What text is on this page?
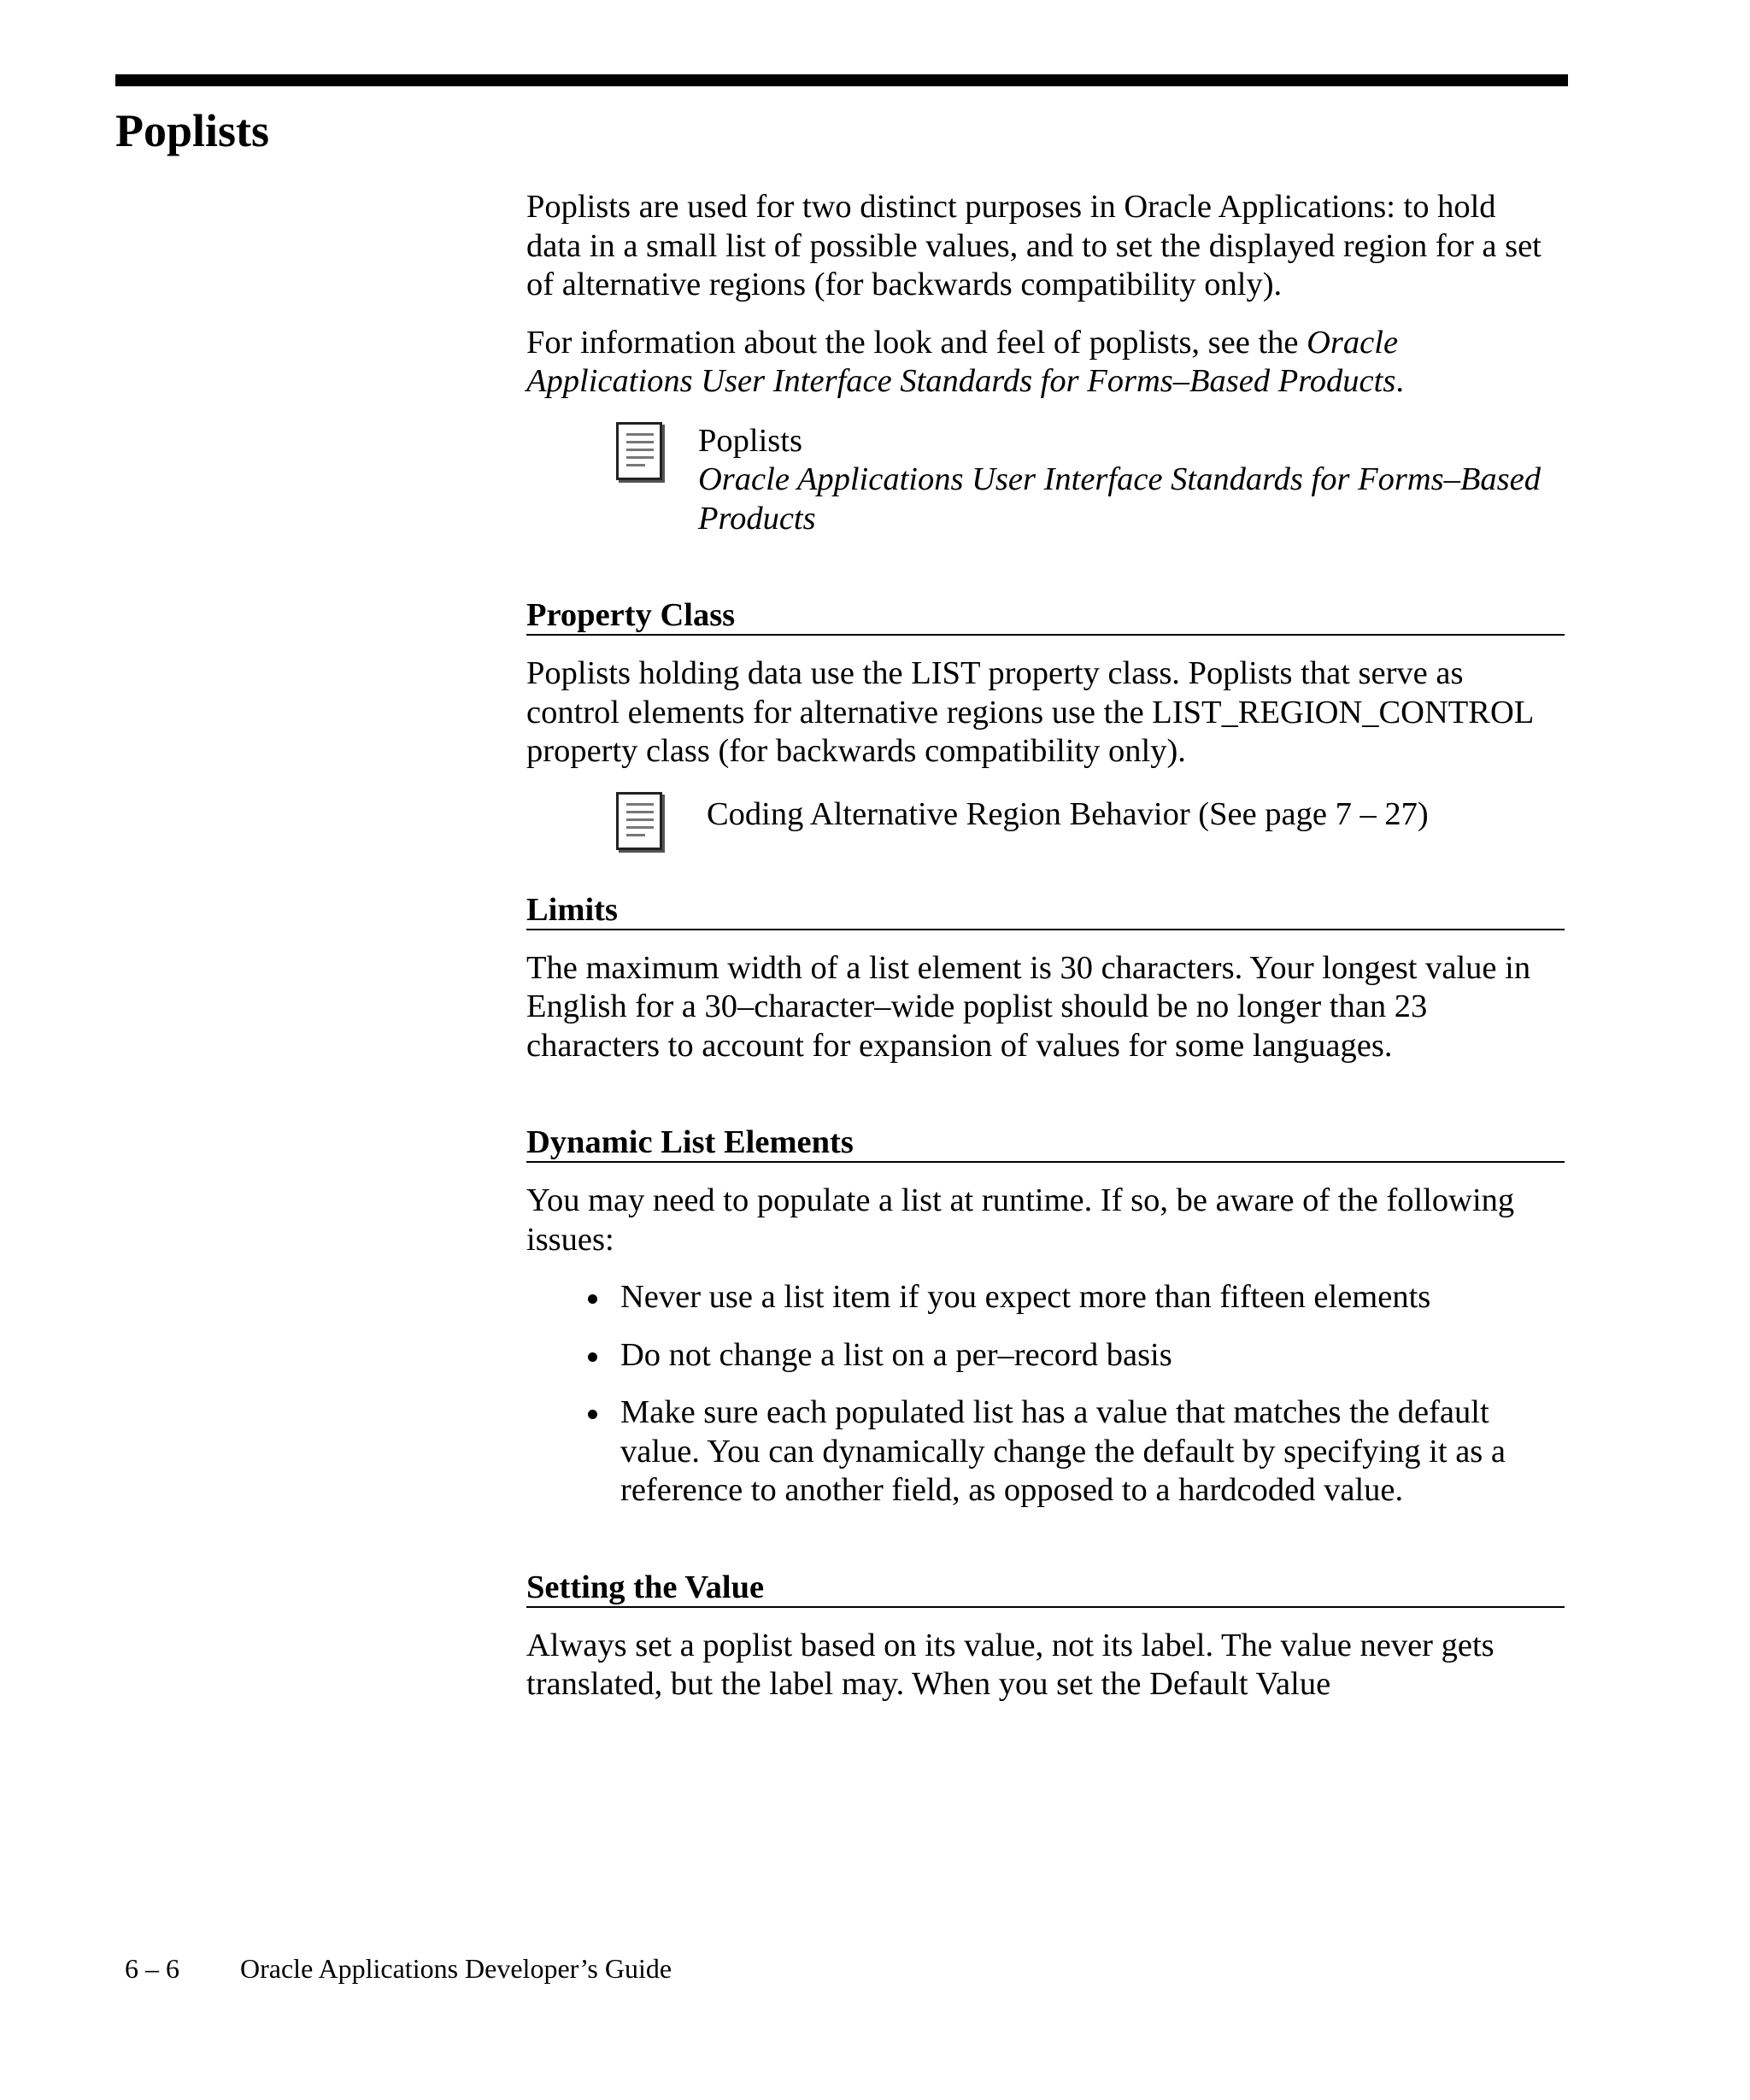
Poplists

Poplists are used for two distinct purposes in Oracle Applications: to hold data in a small list of possible values, and to set the displayed region for a set of alternative regions (for backwards compatibility only).

For information about the look and feel of poplists, see the Oracle Applications User Interface Standards for Forms–Based Products.

Poplists
Oracle Applications User Interface Standards for Forms–Based Products
Property Class

Poplists holding data use the LIST property class. Poplists that serve as control elements for alternative regions use the LIST_REGION_CONTROL property class (for backwards compatibility only).

Coding Alternative Region Behavior (See page 7 – 27)
Limits

The maximum width of a list element is 30 characters. Your longest value in English for a 30–character–wide poplist should be no longer than 23 characters to account for expansion of values for some languages.

Dynamic List Elements

You may need to populate a list at runtime. If so, be aware of the following issues:

Never use a list item if you expect more than fifteen elements
Do not change a list on a per–record basis
Make sure each populated list has a value that matches the default value. You can dynamically change the default by specifying it as a reference to another field, as opposed to a hardcoded value.
Setting the Value

Always set a poplist based on its value, not its label. The value never gets translated, but the label may. When you set the Default Value

6 – 6 Oracle Applications Developer’s Guide
